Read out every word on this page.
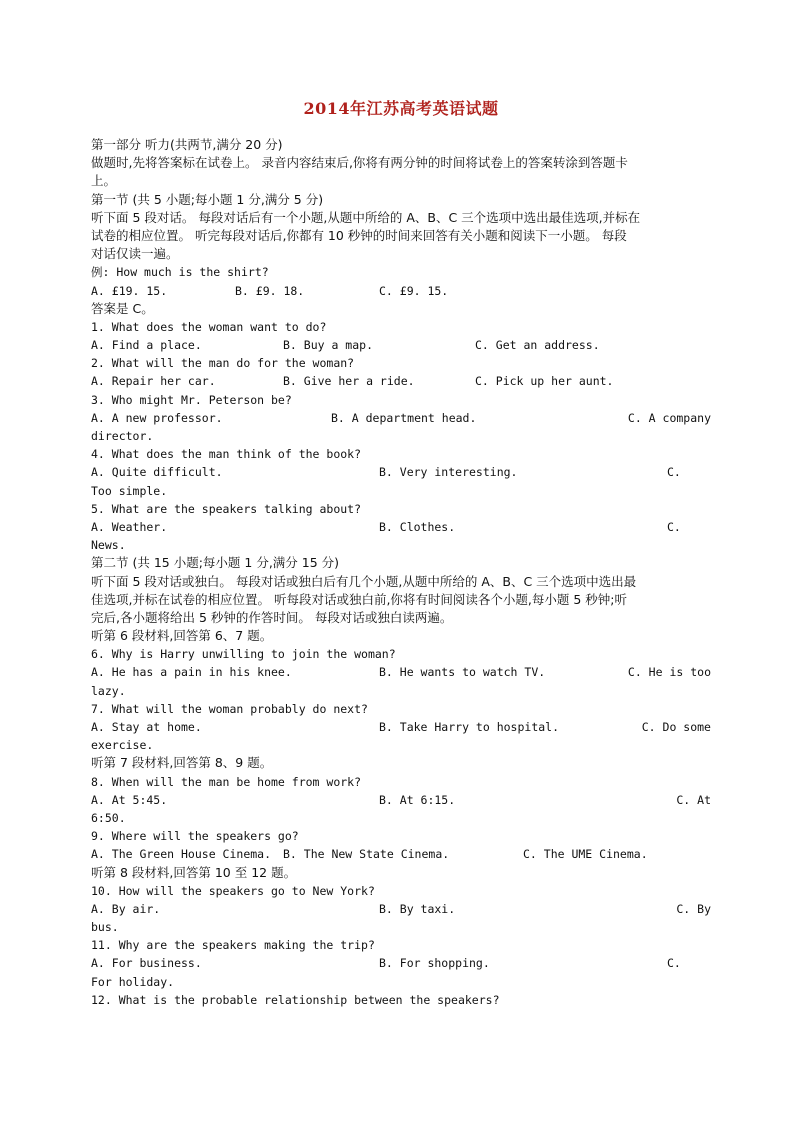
2014年江苏高考英语试题
第一部分 听力(共两节,满分 20 分)
做题时,先将答案标在试卷上。 录音内容结束后,你将有两分钟的时间将试卷上的答案转涂到答题卡
上。
第一节 (共 5 小题;每小题 1 分,满分 5 分)
听下面 5 段对话。 每段对话后有一个小题,从题中所给的 A、B、C 三个选项中选出最佳选项,并标在
试卷的相应位置。 听完每段对话后,你都有 10 秒钟的时间来回答有关小题和阅读下一小题。 每段
对话仅读一遍。
例: How much is the shirt?
A. £19. 15.	B. £9. 18.	C. £9. 15.
答案是 C。
1. What does the woman want to do?
A. Find a place.	B. Buy a map.	C. Get an address.
2. What will the man do for the woman?
A. Repair her car.	B. Give her a ride.	C. Pick up her aunt.
3. Who might Mr. Peterson be?
A. A new professor.	B. A department head.	C. A company
director.
4. What does the man think of the book?
A. Quite difficult.	B. Very interesting.	C.
Too simple.
5. What are the speakers talking about?
A. Weather.	B. Clothes.	C.
News.
第二节 (共 15 小题;每小题 1 分,满分 15 分)
听下面 5 段对话或独白。 每段对话或独白后有几个小题,从题中所给的 A、B、C 三个选项中选出最
佳选项,并标在试卷的相应位置。 听每段对话或独白前,你将有时间阅读各个小题,每小题 5 秒钟;听
完后,各小题将给出 5 秒钟的作答时间。 每段对话或独白读两遍。
听第 6 段材料,回答第 6、7 题。
6. Why is Harry unwilling to join the woman?
A. He has a pain in his knee.	B. He wants to watch TV.	C. He is too
lazy.
7. What will the woman probably do next?
A. Stay at home.	B. Take Harry to hospital.	C. Do some
exercise.
听第 7 段材料,回答第 8、9 题。
8. When will the man be home from work?
A. At 5:45.	B. At 6:15.	C. At
6:50.
9. Where will the speakers go?
A. The Green House Cinema. B. The New State Cinema.	C. The UME Cinema.
听第 8 段材料,回答第 10 至 12 题。
10. How will the speakers go to New York?
A. By air.	B. By taxi.	C. By
bus.
11. Why are the speakers making the trip?
A. For business.	B. For shopping.	C.
For holiday.
12. What is the probable relationship between the speakers?
